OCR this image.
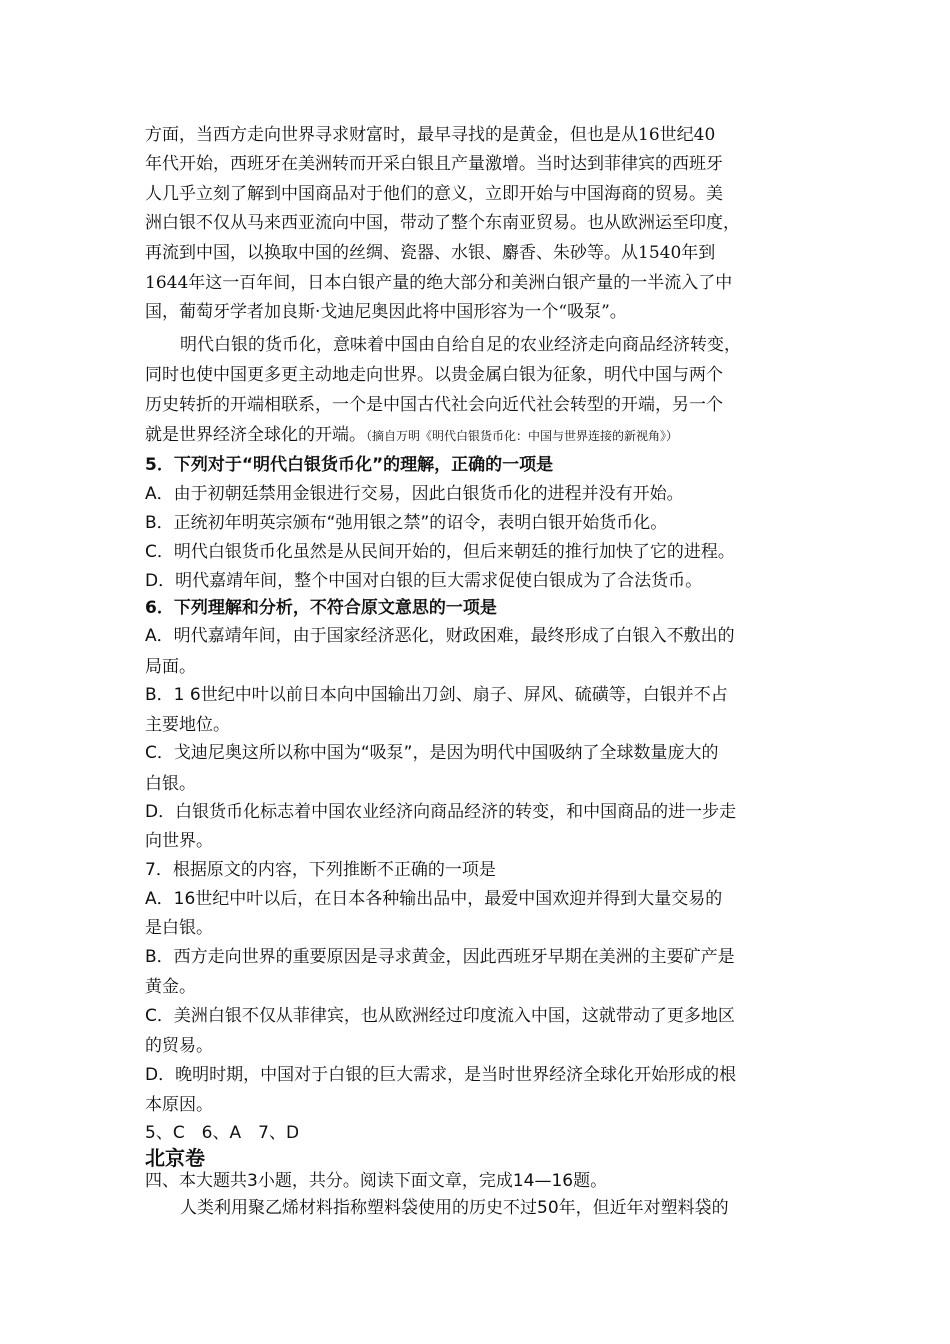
方面，当西方走向世界寻求财富时，最早寻找的是黄金，但也是从16世纪40
年代开始，西班牙在美洲转而开采白银且产量激增。当时达到菲律宾的西班牙
人几乎立刻了解到中国商品对于他们的意义，立即开始与中国海商的贸易。美
洲白银不仅从马来西亚流向中国，带动了整个东南亚贸易。也从欧洲运至印度，
再流到中国，以换取中国的丝绸、瓷器、水银、麝香、朱砂等。从1540年到
1644年这一百年间，日本白银产量的绝大部分和美洲白银产量的一半流入了中
国，葡萄牙学者加良斯·戈迪尼奥因此将中国形容为一个“吸泵”。
明代白银的货币化，意味着中国由自给自足的农业经济走向商品经济转变，
同时也使中国更多更主动地走向世界。以贵金属白银为征象，明代中国与两个
历史转折的开端相联系，一个是中国古代社会向近代社会转型的开端，另一个
就是世界经济全球化的开端。（摘自万明《明代白银货币化：中国与世界连接的新视角》）
5．下列对于“明代白银货币化”的理解，正确的一项是
A．由于初朝廷禁用金银进行交易，因此白银货币化的进程并没有开始。
B．正统初年明英宗颁布“弛用银之禁”的诏令，表明白银开始货币化。
C．明代白银货币化虽然是从民间开始的，但后来朝廷的推行加快了它的进程。
D．明代嘉靖年间，整个中国对白银的巨大需求促使白银成为了合法货币。
6．下列理解和分析，不符合原文意思的一项是
A．明代嘉靖年间，由于国家经济恶化，财政困难，最终形成了白银入不敷出的
局面。
B．1 6世纪中叶以前日本向中国输出刀剑、扇子、屏风、硫磺等，白银并不占
主要地位。
C．戈迪尼奥这所以称中国为“吸泵”，是因为明代中国吸纳了全球数量庞大的
白银。
D．白银货币化标志着中国农业经济向商品经济的转变，和中国商品的进一步走
向世界。
7．根据原文的内容，下列推断不正确的一项是
A．16世纪中叶以后，在日本各种输出品中，最爱中国欢迎并得到大量交易的
是白银。
B．西方走向世界的重要原因是寻求黄金，因此西班牙早期在美洲的主要矿产是
黄金。
C．美洲白银不仅从菲律宾，也从欧洲经过印度流入中国，这就带动了更多地区
的贸易。
D．晚明时期，中国对于白银的巨大需求，是当时世界经济全球化开始形成的根
本原因。
5、C　6、A　7、D
北京卷
四、本大题共3小题，共分。阅读下面文章，完成14—16题。
人类利用聚乙烯材料指称塑料袋使用的历史不过50年，但近年对塑料袋的
